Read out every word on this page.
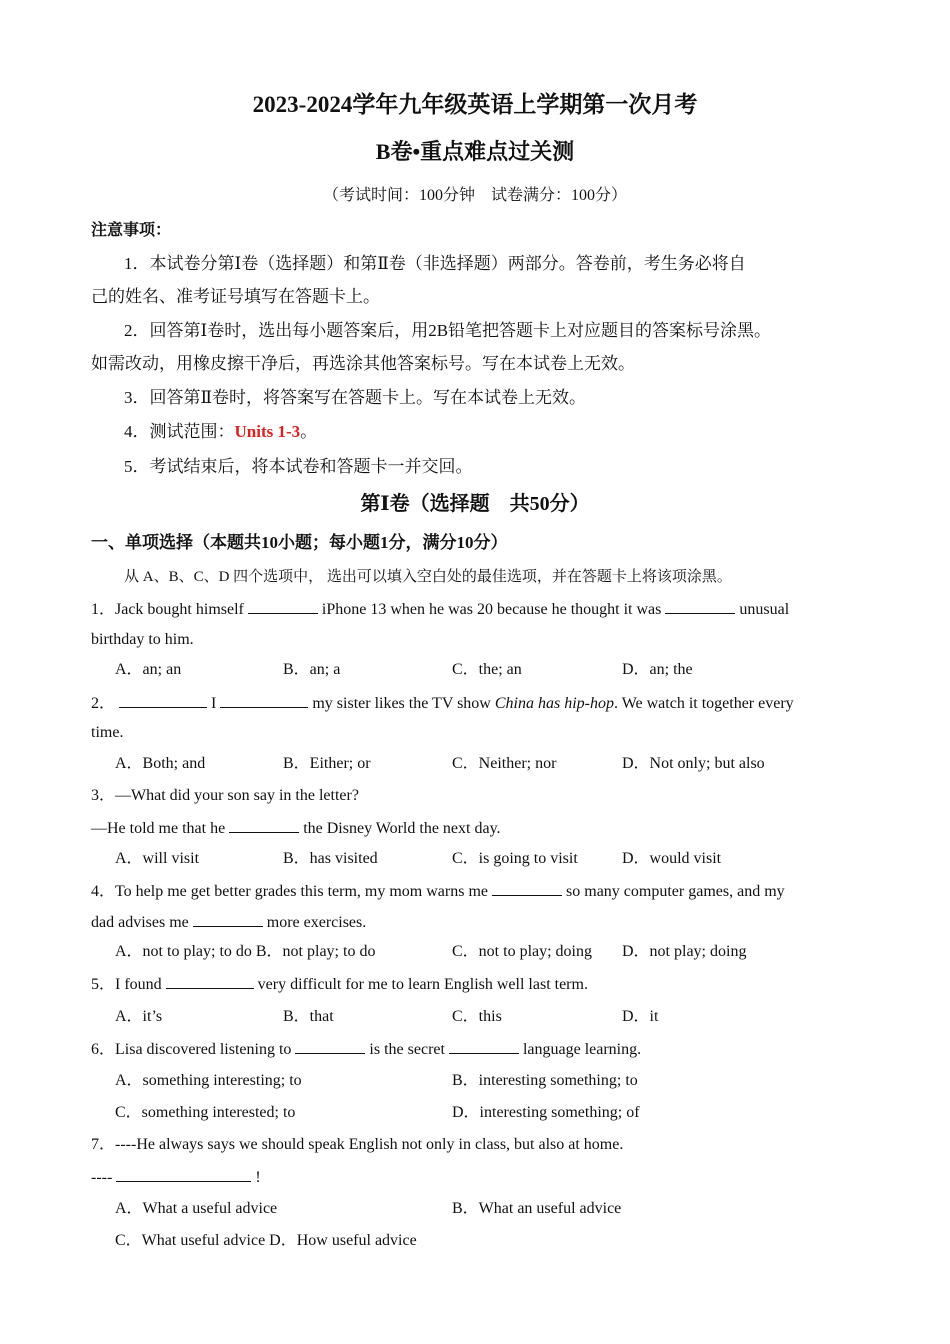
2023-2024学年九年级英语上学期第一次月考
B卷•重点难点过关测
（考试时间：100分钟　试卷满分：100分）
注意事项：
1．本试卷分第Ⅰ卷（选择题）和第Ⅱ卷（非选择题）两部分。答卷前，考生务必将自
己的姓名、准考证号填写在答题卡上。
2．回答第Ⅰ卷时，选出每小题答案后，用2B铅笔把答题卡上对应题目的答案标号涂黑。
如需改动，用橡皮擦干净后，再选涂其他答案标号。写在本试卷上无效。
3．回答第Ⅱ卷时，将答案写在答题卡上。写在本试卷上无效。
4．测试范围：Units 1-3。
5．考试结束后，将本试卷和答题卡一并交回。
第Ⅰ卷（选择题　共50分）
一、单项选择（本题共10小题；每小题1分，满分10分）
从 A、B、C、D 四个选项中， 选出可以填入空白处的最佳选项，并在答题卡上将该项涂黑。
1．Jack bought himself	iPhone 13 when he was 20 because he thought it was	unusual
birthday to him.
A．an; an	B．an; a	C．the; an	D．an; the
2．	I	my sister likes the TV show China has hip-hop. We watch it together every
time.
A．Both; and	B．Either; or	C．Neither; nor	D．Not only; but also
3．—What did your son say in the letter?
—He told me that he	the Disney World the next day.
A．will visit	B．has visited	C．is going to visit	D．would visit
4．To help me get better grades this term, my mom warns me	so many computer games, and my
dad advises me	more exercises.
A．not to play; to do B．not play; to do	C．not to play; doing D．not play; doing
5．I found	very difficult for me to learn English well last term.
A．it’s	B．that	C．this	D．it
6．Lisa discovered listening to	is the secret	language learning.
A．something interesting; to	B．interesting something; to
C．something interested; to	D．interesting something; of
7．----He always says we should speak English not only in class, but also at home.
----	!
A．What a useful advice	B．What an useful advice
C．What useful advice D．How useful advice
